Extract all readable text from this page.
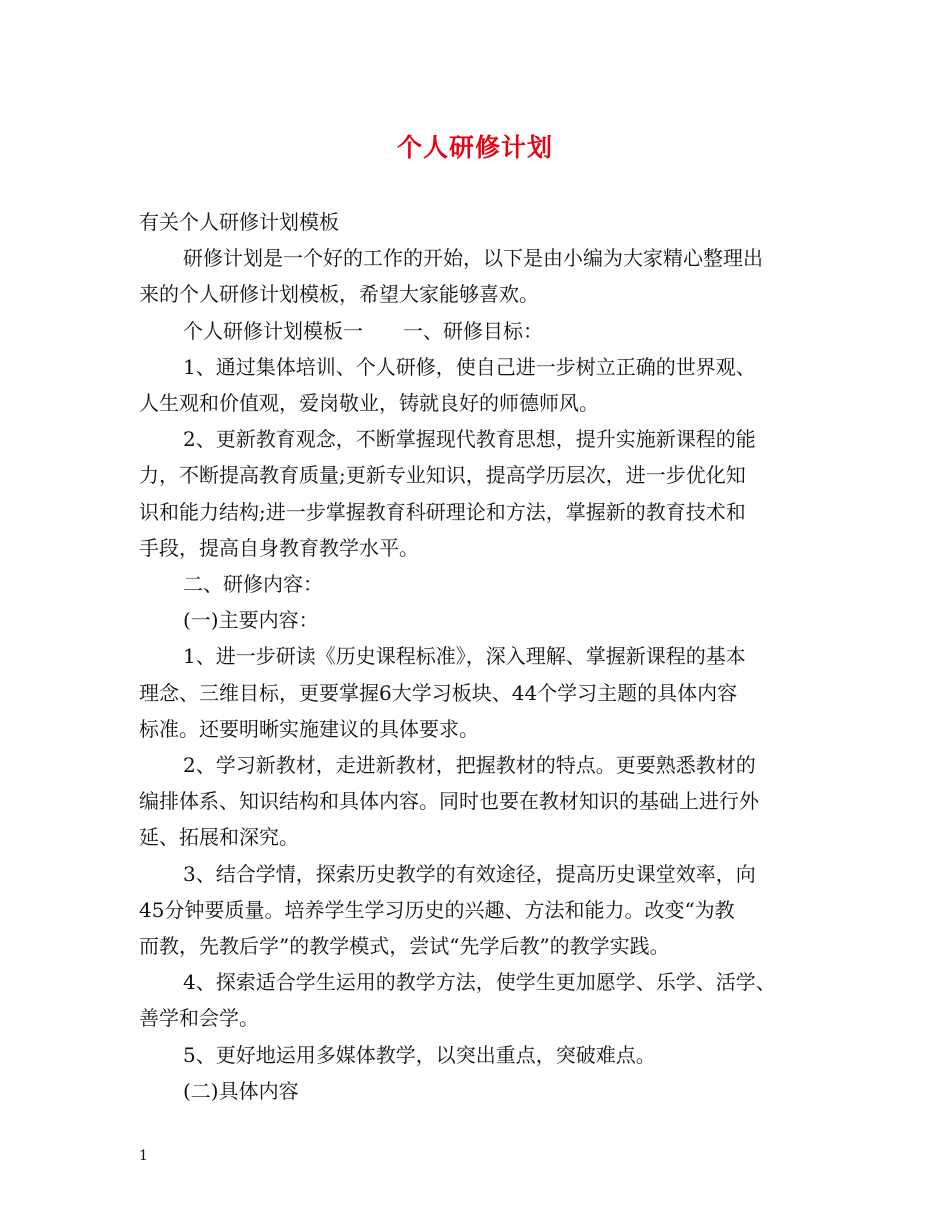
个人研修计划

有关个人研修计划模板

研修计划是一个好的工作的开始，以下是由小编为大家精心整理出

来的个人研修计划模板，希望大家能够喜欢。

个人研修计划模板一　　一、研修目标：

1、通过集体培训、个人研修，使自己进一步树立正确的世界观、

人生观和价值观，爱岗敬业，铸就良好的师德师风。

2、更新教育观念，不断掌握现代教育思想，提升实施新课程的能

力，不断提高教育质量;更新专业知识，提高学历层次，进一步优化知

识和能力结构;进一步掌握教育科研理论和方法，掌握新的教育技术和

手段，提高自身教育教学水平。

二、研修内容：

(一)主要内容：

1、进一步研读《历史课程标准》，深入理解、掌握新课程的基本

理念、三维目标，更要掌握6大学习板块、44个学习主题的具体内容

标准。还要明晰实施建议的具体要求。

2、学习新教材，走进新教材，把握教材的特点。更要熟悉教材的

编排体系、知识结构和具体内容。同时也要在教材知识的基础上进行外

延、拓展和深究。

3、结合学情，探索历史教学的有效途径，提高历史课堂效率，向

45分钟要质量。培养学生学习历史的兴趣、方法和能力。改变“为教

而教，先教后学”的教学模式，尝试“先学后教”的教学实践。

4、探索适合学生运用的教学方法，使学生更加愿学、乐学、活学、

善学和会学。

5、更好地运用多媒体教学，以突出重点，突破难点。

(二)具体内容

1
